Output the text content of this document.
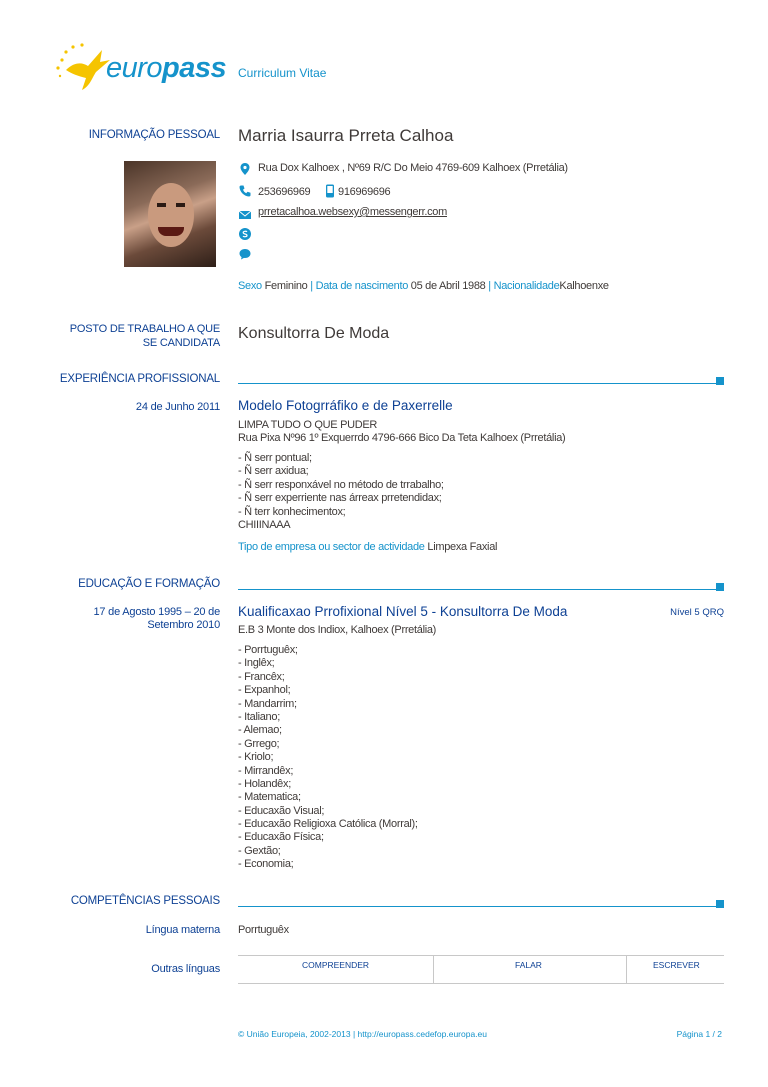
europass Curriculum Vitae
INFORMAÇÃO PESSOAL Marria Isaurra Prreta Calhoa
Rua Dox Kalhoex , Nº69 R/C Do Meio 4769-609 Kalhoex (Prretália)
253696969	916969696
prretacalhoa.websexy@messengerr.com
Sexo Feminino | Data de nascimento 05 de Abril 1988 | NacionalidadeKalhoenxe
POSTO DE TRABALHO A QUE
SE CANDIDATA
Konsultorra De Moda
EXPERIÊNCIA PROFISSIONAL
24 de Junho 2011 Modelo Fotogrráfiko e de Paxerrelle
LIMPA TUDO O QUE PUDER
Rua Pixa Nº96 1º Exquerrdo 4796-666 Bico Da Teta Kalhoex (Prretália)
- Ñ serr pontual;
- Ñ serr axidua;
- Ñ serr responxável no método de trrabalho;
- Ñ serr experriente nas árreax prretendidax;
- Ñ terr konhecimentox;
CHIIINAAA
Tipo de empresa ou sector de actividade Limpexa Faxial
EDUCAÇÃO E FORMAÇÃO
17 de Agosto 1995 – 20 de
Setembro 2010
Kualificaxao Prrofixional Nível 5 - Konsultorra De Moda	Nível 5 QRQ
E.B 3 Monte dos Indiox, Kalhoex (Prretália)
- Porrtuguêx;
- Inglêx;
- Francêx;
- Expanhol;
- Mandarrim;
- Italiano;
- Alemao;
- Grrego;
- Kriolo;
- Mirrandêx;
- Holandêx;
- Matematica;
- Educaxão Visual;
- Educaxão Religioxa Católica (Morral);
- Educaxão Física;
- Gextão;
- Economia;
COMPETÊNCIAS PESSOAIS
Língua materna Porrtuguêx
Outras línguas	COMPREENDER	FALAR	ESCREVER
© União Europeia, 2002-2013 | http://europass.cedefop.europa.eu	Página 1 / 2
